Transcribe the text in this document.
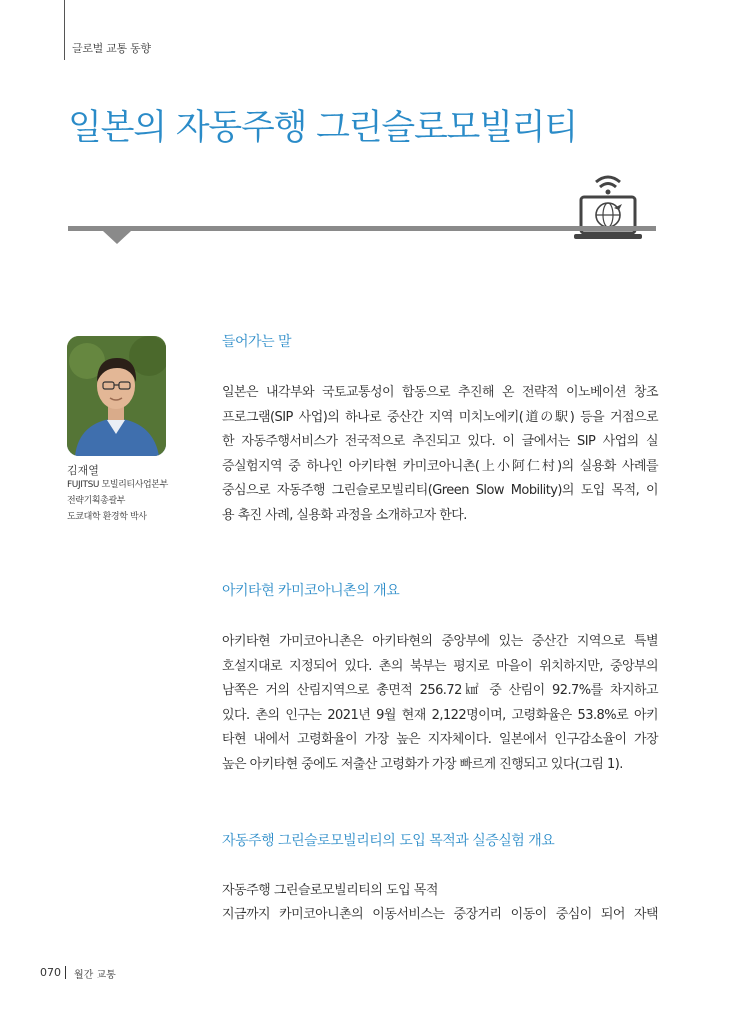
글로벌 교통 동향
일본의 자동주행 그린슬로모빌리티
김재열
FUJITSU 모빌리티사업본부
전략기획총괄부
도쿄대학 환경학 박사
들어가는 말
일본은 내각부와 국토교통성이 합동으로 추진해 온 전략적 이노베이션 창조
프로그램(SIP 사업)의 하나로 중산간 지역 미치노에키(道の駅) 등을 거점으로
한 자동주행서비스가 전국적으로 추진되고 있다. 이 글에서는 SIP 사업의 실
증실험지역 중 하나인 아키타현 카미코아니촌(上小阿仁村)의 실용화 사례를
중심으로 자동주행 그린슬로모빌리티(Green Slow Mobility)의 도입 목적, 이
용 촉진 사례, 실용화 과정을 소개하고자 한다.
아키타현 카미코아니촌의 개요
아키타현 가미코아니촌은 아키타현의 중앙부에 있는 중산간 지역으로 특별
호설지대로 지정되어 있다. 촌의 북부는 평지로 마을이 위치하지만, 중앙부의
남쪽은 거의 산림지역으로 총면적 256.72㎢ 중 산림이 92.7%를 차지하고
있다. 촌의 인구는 2021년 9월 현재 2,122명이며, 고령화율은 53.8%로 아키
타현 내에서 고령화율이 가장 높은 지자체이다. 일본에서 인구감소율이 가장
높은 아키타현 중에도 저출산 고령화가 가장 빠르게 진행되고 있다(그림 1).
자동주행 그린슬로모빌리티의 도입 목적과 실증실험 개요
자동주행 그린슬로모빌리티의 도입 목적
지금까지 카미코아니촌의 이동서비스는 중장거리 이동이 중심이 되어 자택
070 월간 교통
